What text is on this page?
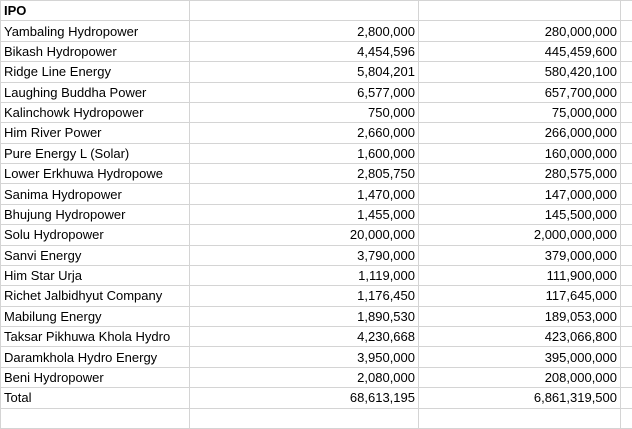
IPO			
Yambaling Hydropower	2,800,000	280,000,000	
Bikash Hydropower	4,454,596	445,459,600	
Ridge Line Energy	5,804,201	580,420,100	
Laughing Buddha Power	6,577,000	657,700,000	
Kalinchowk Hydropower	750,000	75,000,000	
Him River Power	2,660,000	266,000,000	
Pure Energy L (Solar)	1,600,000	160,000,000	
Lower Erkhuwa Hydropowe	2,805,750	280,575,000	
Sanima Hydropower	1,470,000	147,000,000	
Bhujung Hydropower	1,455,000	145,500,000	
Solu Hydropower	20,000,000	2,000,000,000	
Sanvi Energy	3,790,000	379,000,000	
Him Star Urja	1,119,000	111,900,000	
Richet Jalbidhyut Company	1,176,450	117,645,000	
Mabilung Energy	1,890,530	189,053,000	
Taksar Pikhuwa Khola Hydro	4,230,668	423,066,800	
Daramkhola Hydro Energy	3,950,000	395,000,000	
Beni Hydropower	2,080,000	208,000,000	
Total	68,613,195	6,861,319,500	
